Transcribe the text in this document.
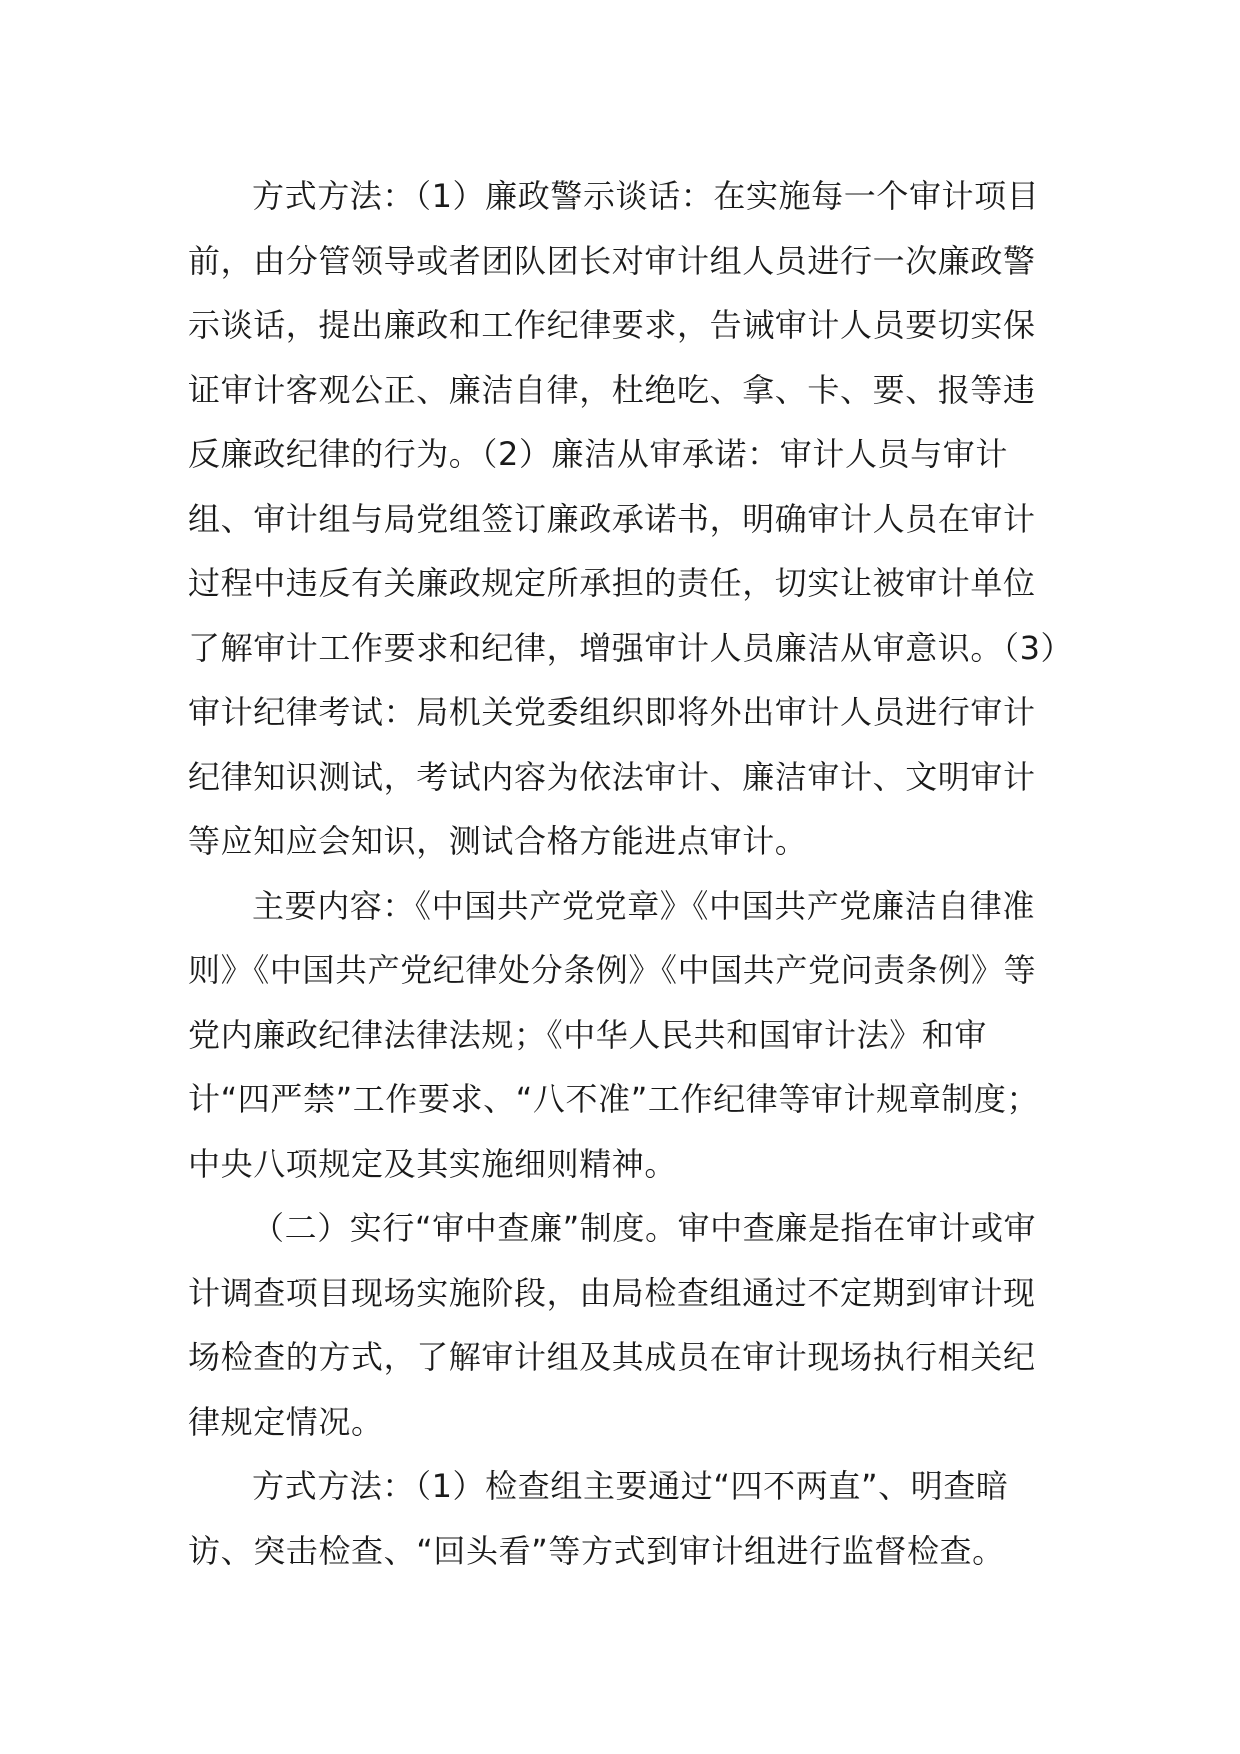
方式方法：（1）廉政警示谈话：在实施每一个审计项目前，由分管领导或者团队团长对审计组人员进行一次廉政警示谈话，提出廉政和工作纪律要求，告诫审计人员要切实保证审计客观公正、廉洁自律，杜绝吃、拿、卡、要、报等违反廉政纪律的行为。（2）廉洁从审承诺：审计人员与审计组、审计组与局党组签订廉政承诺书，明确审计人员在审计过程中违反有关廉政规定所承担的责任，切实让被审计单位了解审计工作要求和纪律，增强审计人员廉洁从审意识。（3）审计纪律考试：局机关党委组织即将外出审计人员进行审计纪律知识测试，考试内容为依法审计、廉洁审计、文明审计等应知应会知识，测试合格方能进点审计。

主要内容：《中国共产党党章》《中国共产党廉洁自律准则》《中国共产党纪律处分条例》《中国共产党问责条例》等党内廉政纪律法律法规；《中华人民共和国审计法》和审计“四严禁”工作要求、“八不准”工作纪律等审计规章制度；中央八项规定及其实施细则精神。

（二）实行“审中查廉”制度。审中查廉是指在审计或审计调查项目现场实施阶段，由局检查组通过不定期到审计现场检查的方式，了解审计组及其成员在审计现场执行相关纪律规定情况。

方式方法：（1）检查组主要通过“四不两直”、明查暗访、突击检查、“回头看”等方式到审计组进行监督检查。
